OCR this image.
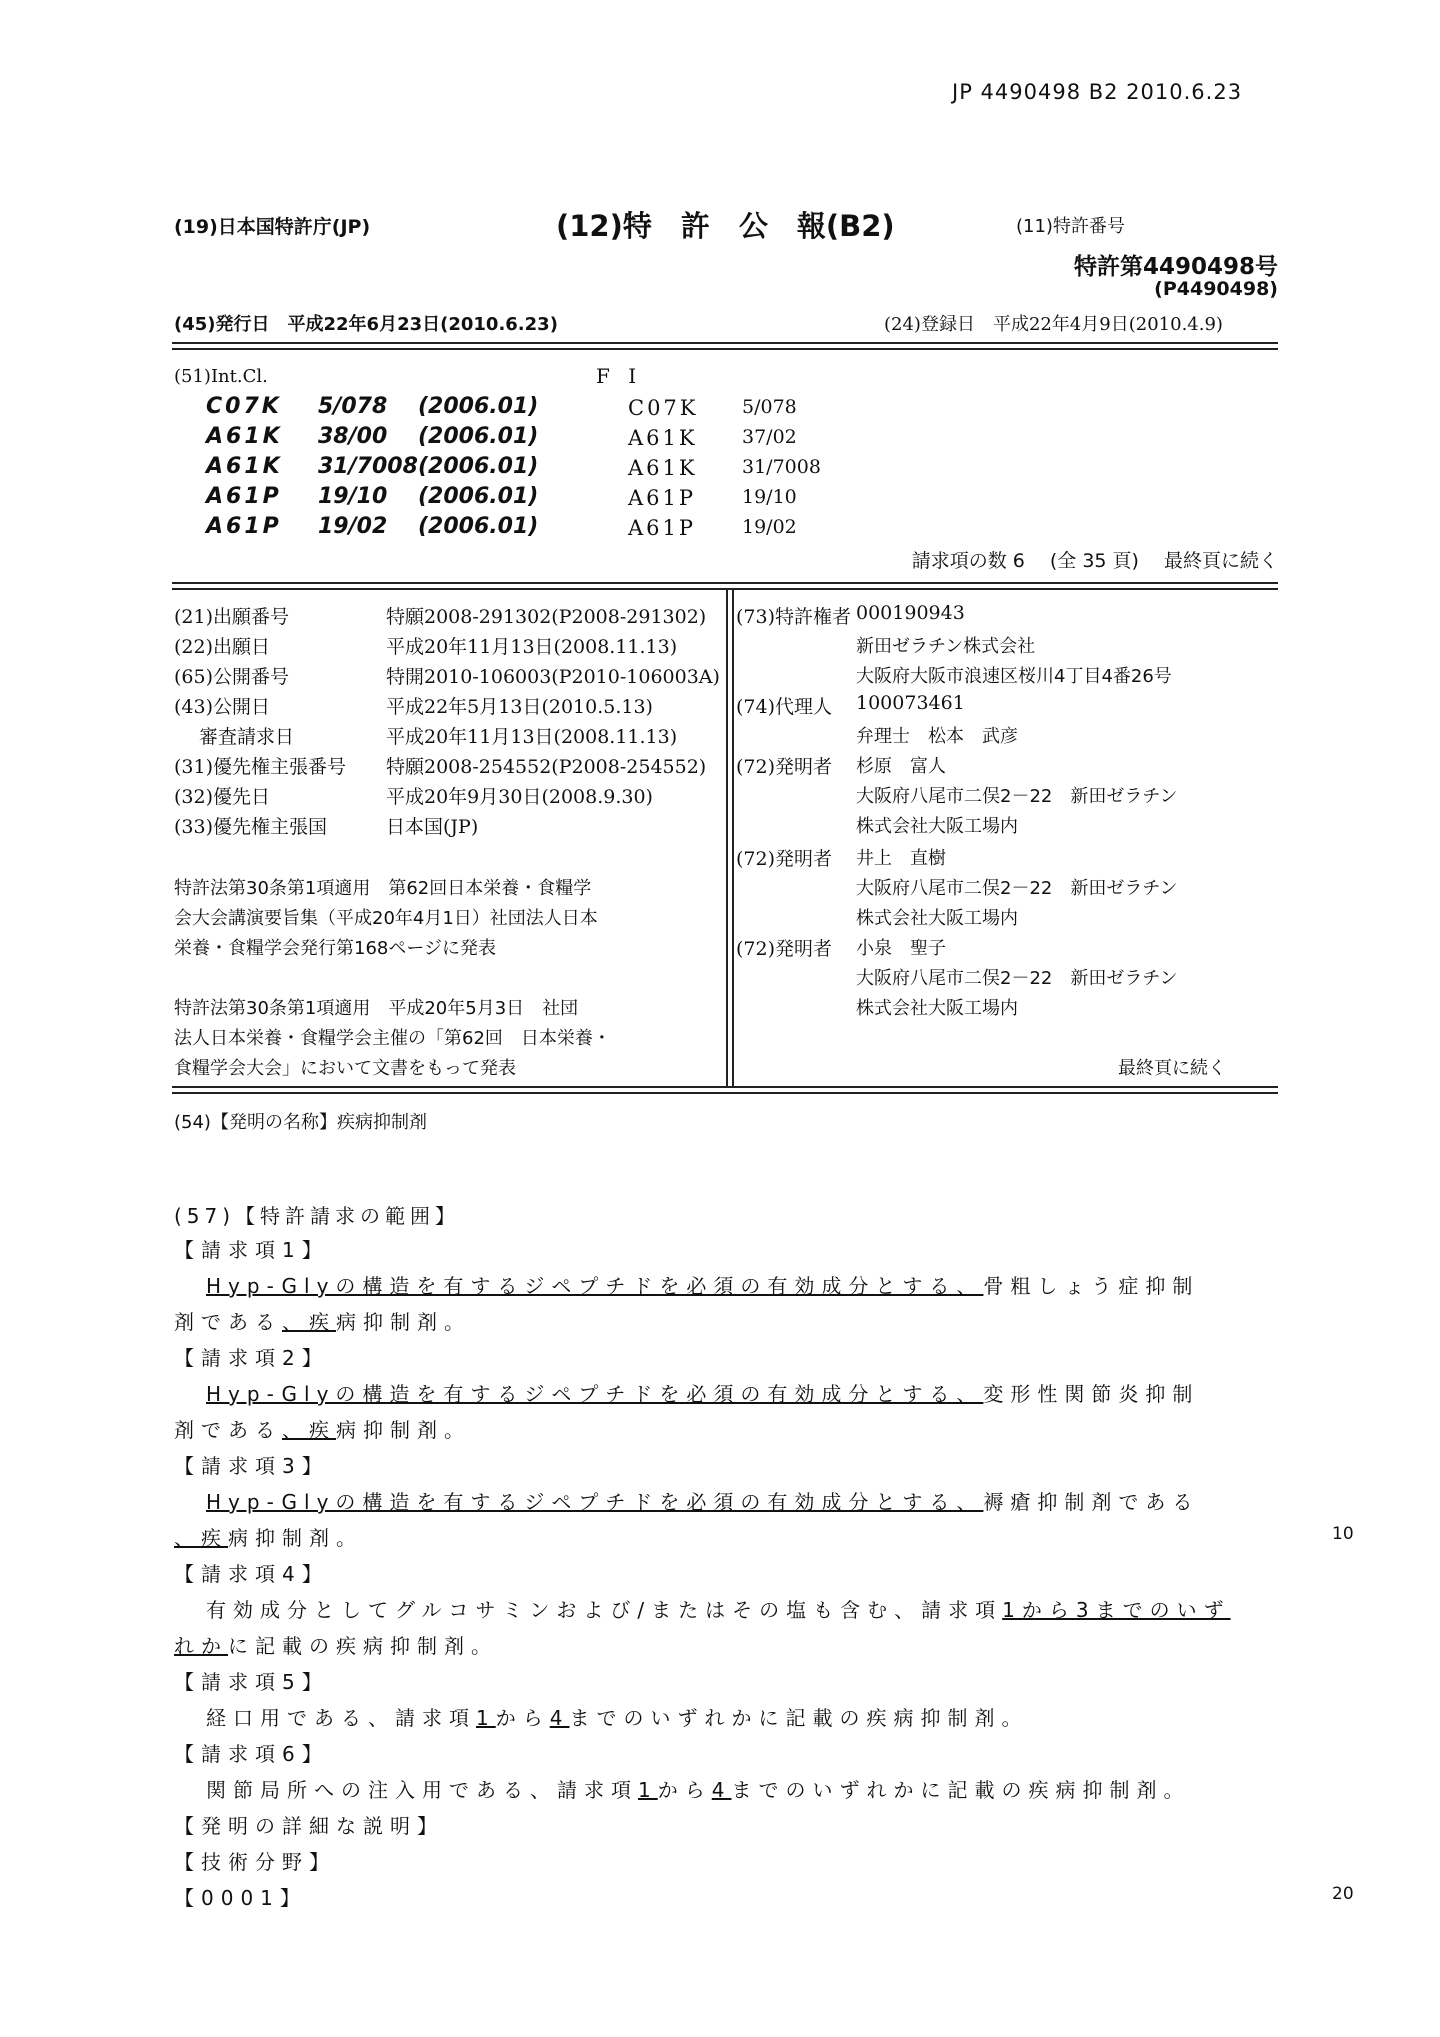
JP 4490498 B2 2010.6.23
(19)日本国特許庁(JP)	(12)特　許　公　報(B2)	(11)特許番号
特許第4490498号
(P4490498)
(45)発行日　平成22年6月23日(2010.6.23)	(24)登録日　平成22年4月9日(2010.4.9)
(51)Int.Cl.	F I
C07K 5/078 (2006.01)	C07K 5/078
A61K 38/00 (2006.01)	A61K 37/02
A61K 31/7008 (2006.01)	A61K 31/7008
A61P 19/10 (2006.01)	A61P 19/10
A61P 19/02 (2006.01)	A61P 19/02
請求項の数 6　 (全 35 頁)　 最終頁に続く
(21)出願番号	特願2008-291302(P2008-291302)
(22)出願日	平成20年11月13日(2008.11.13)
(65)公開番号	特開2010-106003(P2010-106003A)
(43)公開日	平成22年5月13日(2010.5.13)
　 審査請求日	平成20年11月13日(2008.11.13)
(31)優先権主張番号 特願2008-254552(P2008-254552)
(32)優先日	平成20年9月30日(2008.9.30)
(33)優先権主張国	日本国(JP)
特許法第30条第1項適用　第62回日本栄養・食糧学
会大会講演要旨集（平成20年4月1日）社団法人日本
栄養・食糧学会発行第168ページに発表
特許法第30条第1項適用　平成20年5月3日　社団
法人日本栄養・食糧学会主催の「第62回　日本栄養・
食糧学会大会」において文書をもって発表
(73)特許権者 000190943
新田ゼラチン株式会社
大阪府大阪市浪速区桜川4丁目4番26号
(74)代理人 100073461
弁理士　松本　武彦
(72)発明者 杉原　富人
大阪府八尾市二俣2－22　新田ゼラチン
株式会社大阪工場内
(72)発明者 井上　直樹
大阪府八尾市二俣2－22　新田ゼラチン
株式会社大阪工場内
(72)発明者 小泉　聖子
大阪府八尾市二俣2－22　新田ゼラチン
株式会社大阪工場内
最終頁に続く
(54)【発明の名称】疾病抑制剤
(57)【特許請求の範囲】
【請求項1】
Hyp-Glyの構造を有するジペプチドを必須の有効成分とする、骨粗しょう症抑制
剤である、疾病抑制剤。
【請求項2】
Hyp-Glyの構造を有するジペプチドを必須の有効成分とする、変形性関節炎抑制
剤である、疾病抑制剤。
【請求項3】
Hyp-Glyの構造を有するジペプチドを必須の有効成分とする、褥瘡抑制剤である
、疾病抑制剤。
【請求項4】
有効成分としてグルコサミンおよび/またはその塩も含む、請求項1から3までのいず
れかに記載の疾病抑制剤。
【請求項5】
経口用である、請求項1から4までのいずれかに記載の疾病抑制剤。
【請求項6】
関節局所への注入用である、請求項1から4までのいずれかに記載の疾病抑制剤。
【発明の詳細な説明】
【技術分野】
【0001】
10
20
